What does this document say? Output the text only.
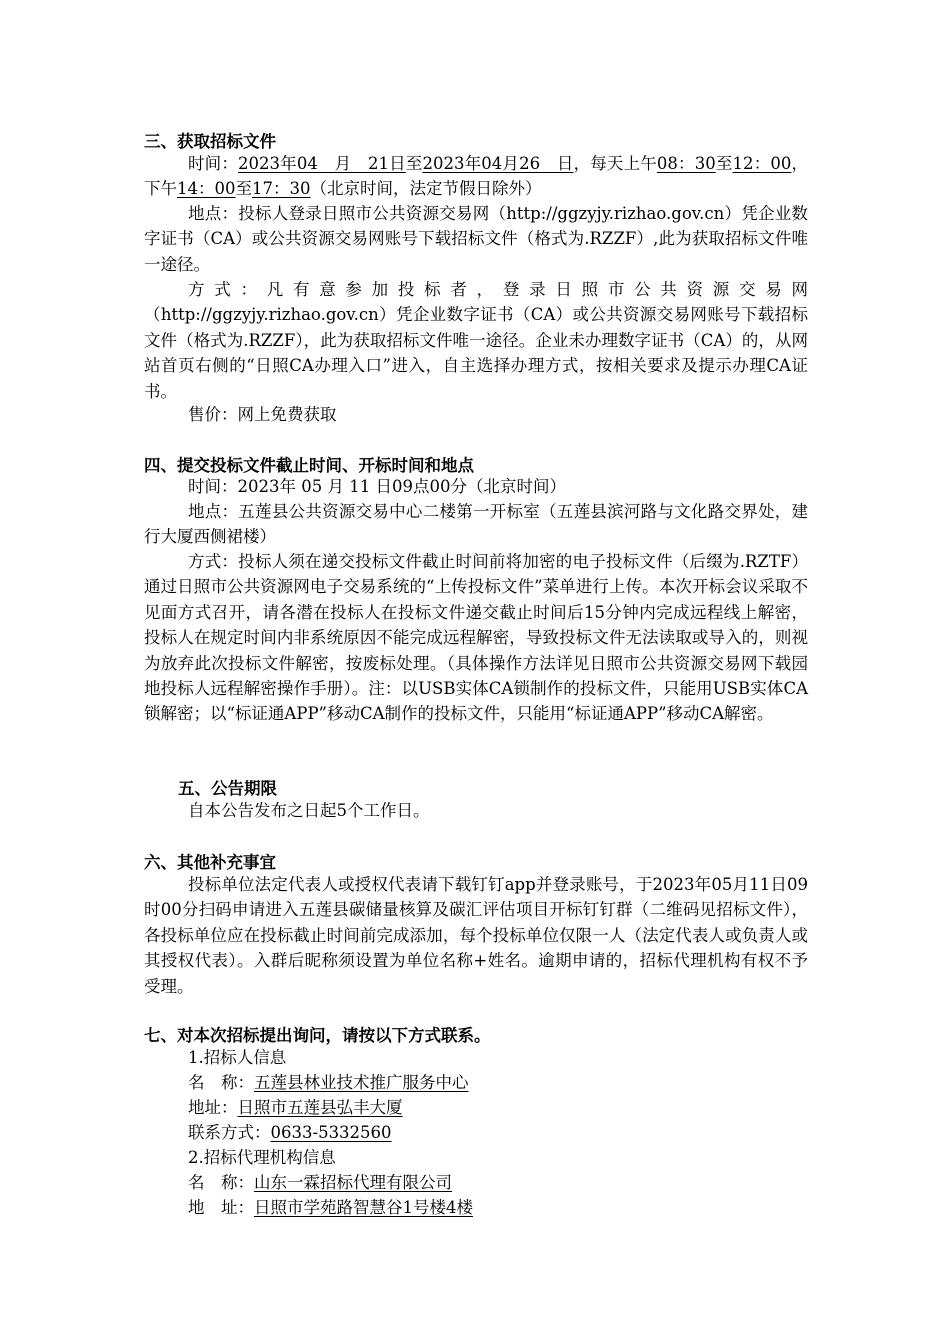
三、获取招标文件
时间：2023年04　月　21日至2023年04月26　日，每天上午08：30至12：00，下午14：00至17：30（北京时间，法定节假日除外）
地点：投标人登录日照市公共资源交易网（http://ggzyjy.rizhao.gov.cn）凭企业数字证书（CA）或公共资源交易网账号下载招标文件（格式为.RZZF）,此为获取招标文件唯一途径。
方式：凡有意参加投标者，登录日照市公共资源交易网（http://ggzyjy.rizhao.gov.cn）凭企业数字证书（CA）或公共资源交易网账号下载招标文件（格式为.RZZF），此为获取招标文件唯一途径。企业未办理数字证书（CA）的，从网站首页右侧的“日照CA办理入口”进入，自主选择办理方式，按相关要求及提示办理CA证书。
售价：网上免费获取
四、提交投标文件截止时间、开标时间和地点
时间：2023年 05 月 11 日09点00分（北京时间）
地点：五莲县公共资源交易中心二楼第一开标室（五莲县滨河路与文化路交界处，建行大厦西侧裙楼）
方式：投标人须在递交投标文件截止时间前将加密的电子投标文件（后缀为.RZTF）通过日照市公共资源网电子交易系统的“上传投标文件”菜单进行上传。本次开标会议采取不见面方式召开，请各潜在投标人在投标文件递交截止时间后15分钟内完成远程线上解密，投标人在规定时间内非系统原因不能完成远程解密，导致投标文件无法读取或导入的，则视为放弃此次投标文件解密，按废标处理。（具体操作方法详见日照市公共资源交易网下载园地投标人远程解密操作手册）。注：以USB实体CA锁制作的投标文件，只能用USB实体CA锁解密；以“标证通APP”移动CA制作的投标文件，只能用“标证通APP”移动CA解密。
五、公告期限
自本公告发布之日起5个工作日。
六、其他补充事宜
投标单位法定代表人或授权代表请下载钉钉app并登录账号，于2023年05月11日09时00分扫码申请进入五莲县碳储量核算及碳汇评估项目开标钉钉群（二维码见招标文件），各投标单位应在投标截止时间前完成添加，每个投标单位仅限一人（法定代表人或负责人或其授权代表）。入群后昵称须设置为单位名称+姓名。逾期申请的，招标代理机构有权不予受理。
七、对本次招标提出询问，请按以下方式联系。
1.招标人信息
名　称：五莲县林业技术推广服务中心
地址：日照市五莲县弘丰大厦
联系方式：0633-5332560
2.招标代理机构信息
名　称：山东一霖招标代理有限公司
地　址：日照市学苑路智慧谷1号楼4楼
